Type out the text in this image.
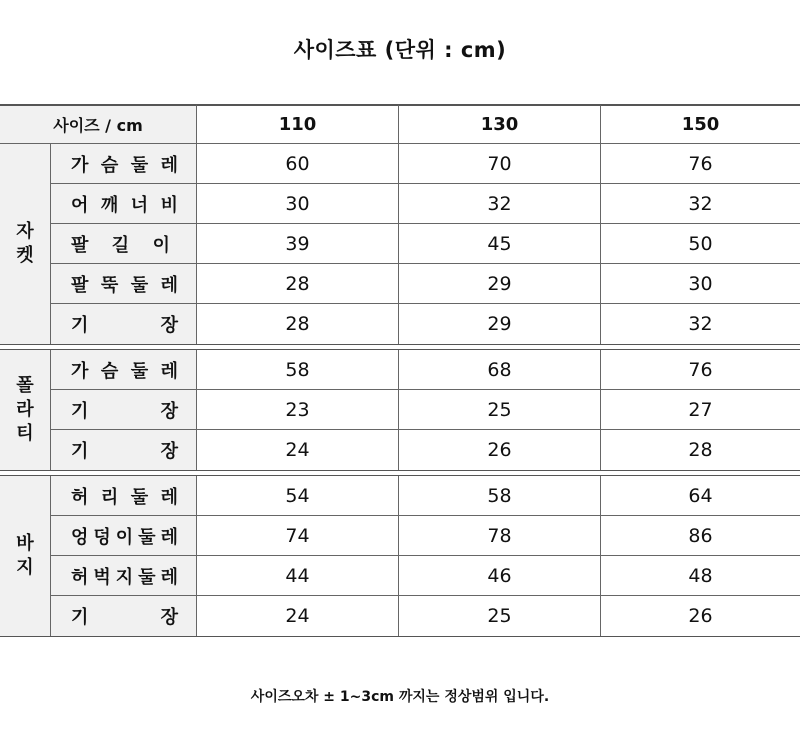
사이즈표 (단위 : cm)
사이즈 / cm	110	130	150
자
켓
가 슴 둘 레	60	70	76
어 깨 너 비	30	32	32
팔 길 이	39	45	50
팔 뚝 둘 레	28	29	30
기	장	28	29	32
폴
라
티
가 슴 둘 레	58	68	76
기	장	23	25	27
기	장	24	26	28
바
지
허 리 둘 레	54	58	64
엉 덩 이 둘 레	74	78	86
허 벅 지 둘 레	44	46	48
기	장	24	25	26
사이즈오차 ± 1~3cm 까지는 정상범위 입니다.
